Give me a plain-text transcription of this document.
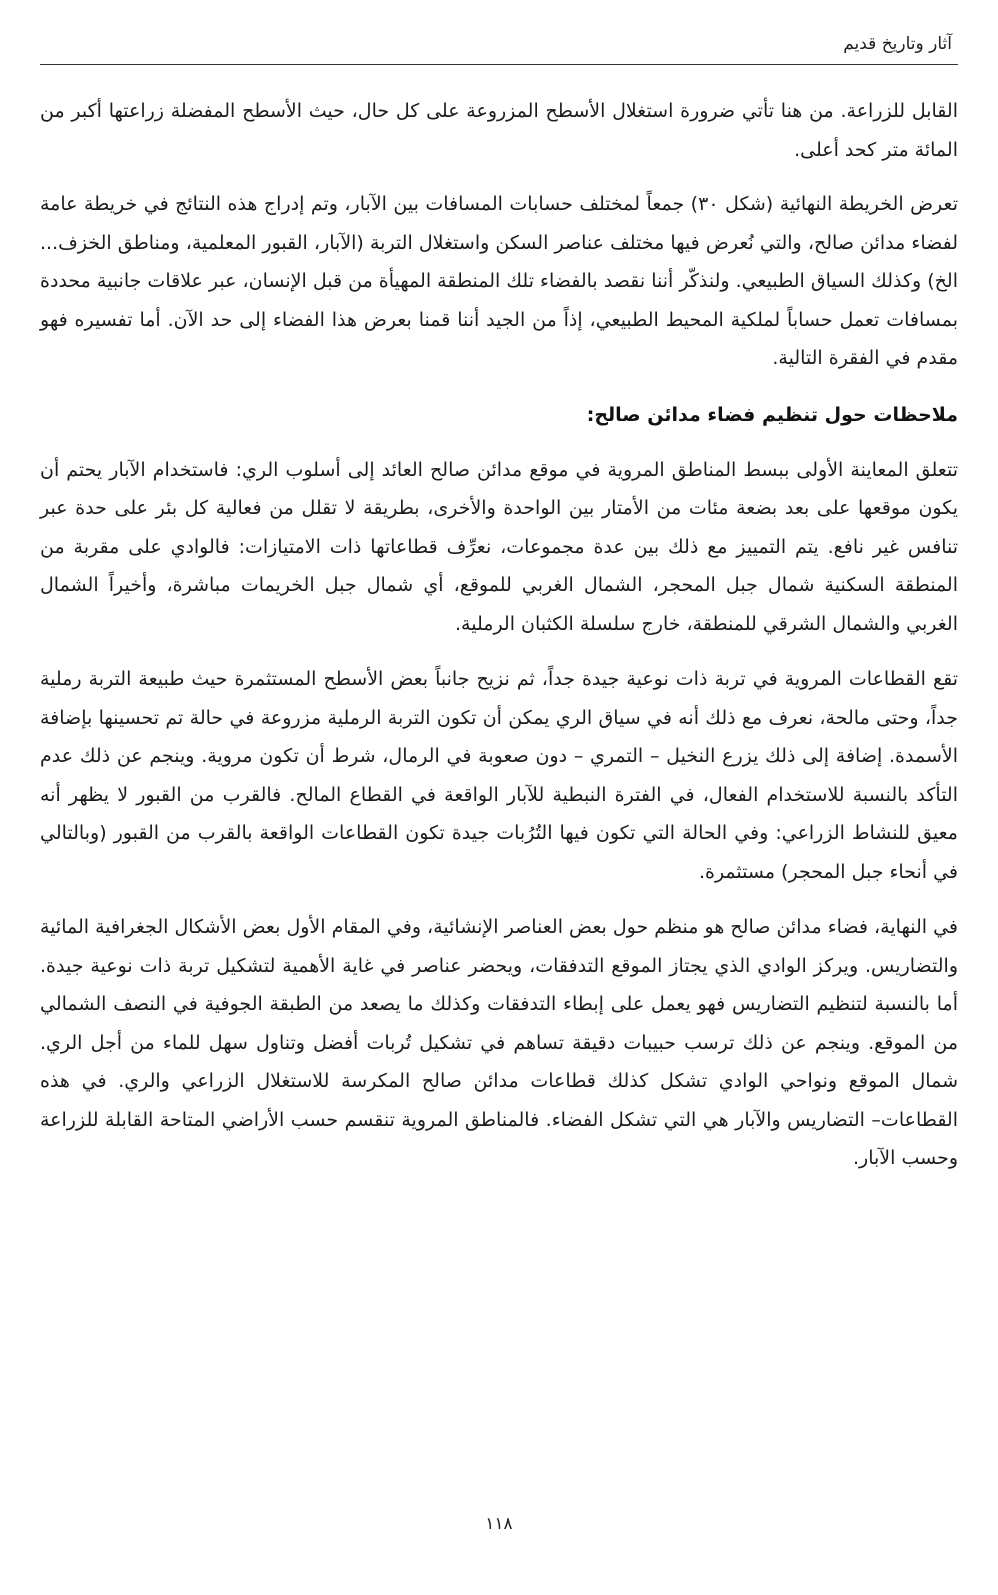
آثار وتاريخ قديم

القابل للزراعة. من هنا تأتي ضرورة استغلال الأسطح المزروعة على كل حال، حيث الأسطح المفضلة زراعتها أكبر من المائة متر كحد أعلى.

تعرض الخريطة النهائية (شكل ٣٠) جمعاً لمختلف حسابات المسافات بين الآبار، وتم إدراج هذه النتائج في خريطة عامة لفضاء مدائن صالح، والتي نُعرض فيها مختلف عناصر السكن واستغلال التربة (الآبار، القبور المعلمية، ومناطق الخزف... الخ) وكذلك السياق الطبيعي. ولنذكّر أننا نقصد بالفضاء تلك المنطقة المهيأة من قبل الإنسان، عبر علاقات جانبية محددة بمسافات تعمل حساباً لملكية المحيط الطبيعي، إذاً من الجيد أننا قمنا بعرض هذا الفضاء إلى حد الآن. أما تفسيره فهو مقدم في الفقرة التالية.

ملاحظات حول تنظيم فضاء مدائن صالح:

تتعلق المعاينة الأولى ببسط المناطق المروية في موقع مدائن صالح العائد إلى أسلوب الري: فاستخدام الآبار يحتم أن يكون موقعها على بعد بضعة مئات من الأمتار بين الواحدة والأخرى، بطريقة لا تقلل من فعالية كل بئر على حدة عبر تنافس غير نافع. يتم التمييز مع ذلك بين عدة مجموعات، نعرِّف قطاعاتها ذات الامتيازات: فالوادي على مقربة من المنطقة السكنية شمال جبل المحجر، الشمال الغربي للموقع، أي شمال جبل الخريمات مباشرة، وأخيراً الشمال الغربي والشمال الشرقي للمنطقة، خارج سلسلة الكثبان الرملية.

تقع القطاعات المروية في تربة ذات نوعية جيدة جداً، ثم نزيح جانباً بعض الأسطح المستثمرة حيث طبيعة التربة رملية جداً، وحتى مالحة، نعرف مع ذلك أنه في سياق الري يمكن أن تكون التربة الرملية مزروعة في حالة تم تحسينها بإضافة الأسمدة. إضافة إلى ذلك يزرع النخيل – التمري – دون صعوبة في الرمال، شرط أن تكون مروية. وينجم عن ذلك عدم التأكد بالنسبة للاستخدام الفعال، في الفترة النبطية للآبار الواقعة في القطاع المالح. فالقرب من القبور لا يظهر أنه معيق للنشاط الزراعي: وفي الحالة التي تكون فيها التُرُبات جيدة تكون القطاعات الواقعة بالقرب من القبور (وبالتالي في أنحاء جبل المحجر) مستثمرة.

في النهاية، فضاء مدائن صالح هو منظم حول بعض العناصر الإنشائية، وفي المقام الأول بعض الأشكال الجغرافية المائية والتضاريس. ويركز الوادي الذي يجتاز الموقع التدفقات، ويحضر عناصر في غاية الأهمية لتشكيل تربة ذات نوعية جيدة. أما بالنسبة لتنظيم التضاريس فهو يعمل على إبطاء التدفقات وكذلك ما يصعد من الطبقة الجوفية في النصف الشمالي من الموقع. وينجم عن ذلك ترسب حبيبات دقيقة تساهم في تشكيل تُربات أفضل وتناول سهل للماء من أجل الري. شمال الموقع ونواحي الوادي تشكل كذلك قطاعات مدائن صالح المكرسة للاستغلال الزراعي والري. في هذه القطاعات– التضاريس والآبار هي التي تشكل الفضاء. فالمناطق المروية تنقسم حسب الأراضي المتاحة القابلة للزراعة وحسب الآبار.

١١٨
